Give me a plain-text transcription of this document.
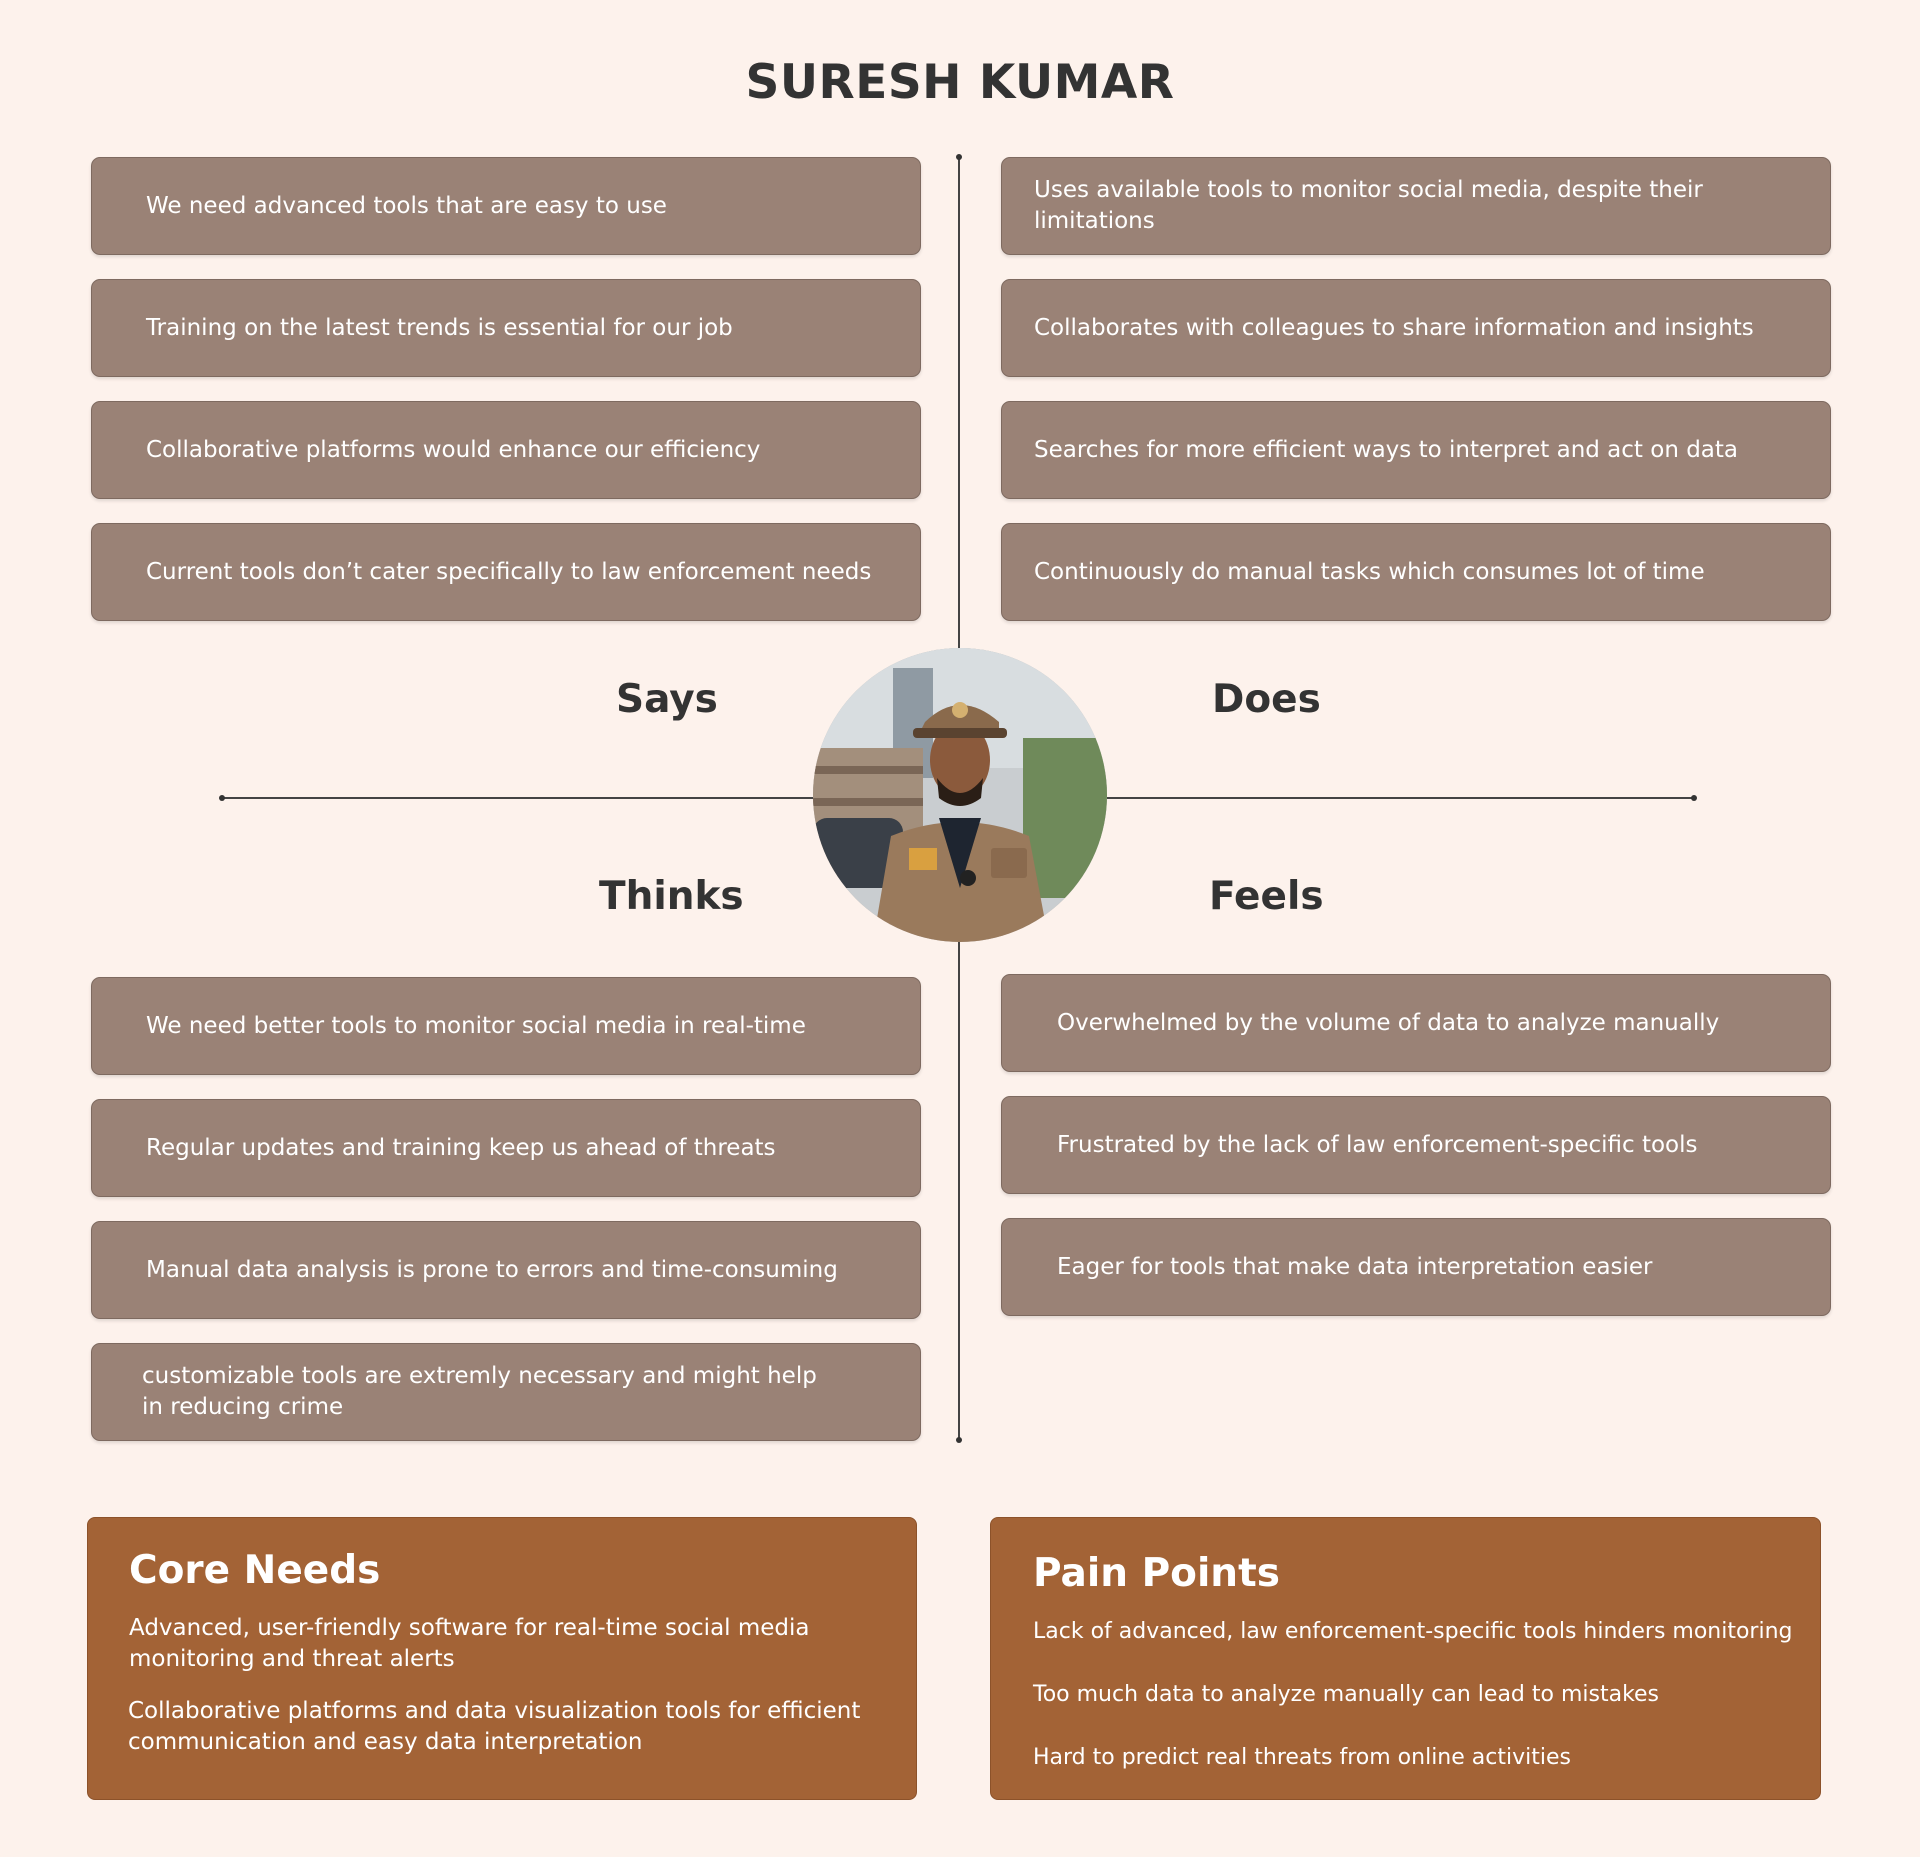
SURESH KUMAR
We need advanced tools that are easy to use
Training on the latest trends is essential for our job
Collaborative platforms would enhance our efficiency
Current tools don’t cater specifically to law enforcement needs
Uses available tools to monitor social media, despite their limitations
Collaborates with colleagues to share information and insights
Searches for more efficient ways to interpret and act on data
Continuously do manual tasks which consumes lot of time
Says	Does
Thinks	Feels
We need better tools to monitor social media in real-time
Regular updates and training keep us ahead of threats
Manual data analysis is prone to errors and time-consuming
customizable tools are extremly necessary and might help in reducing crime
Overwhelmed by the volume of data to analyze manually
Frustrated by the lack of law enforcement-specific tools
Eager for tools that make data interpretation easier
Core Needs
Advanced, user-friendly software for real-time social media monitoring and threat alerts
Collaborative platforms and data visualization tools for efficient communication and easy data interpretation
Pain Points
Lack of advanced, law enforcement-specific tools hinders monitoring
Too much data to analyze manually can lead to mistakes
Hard to predict real threats from online activities
